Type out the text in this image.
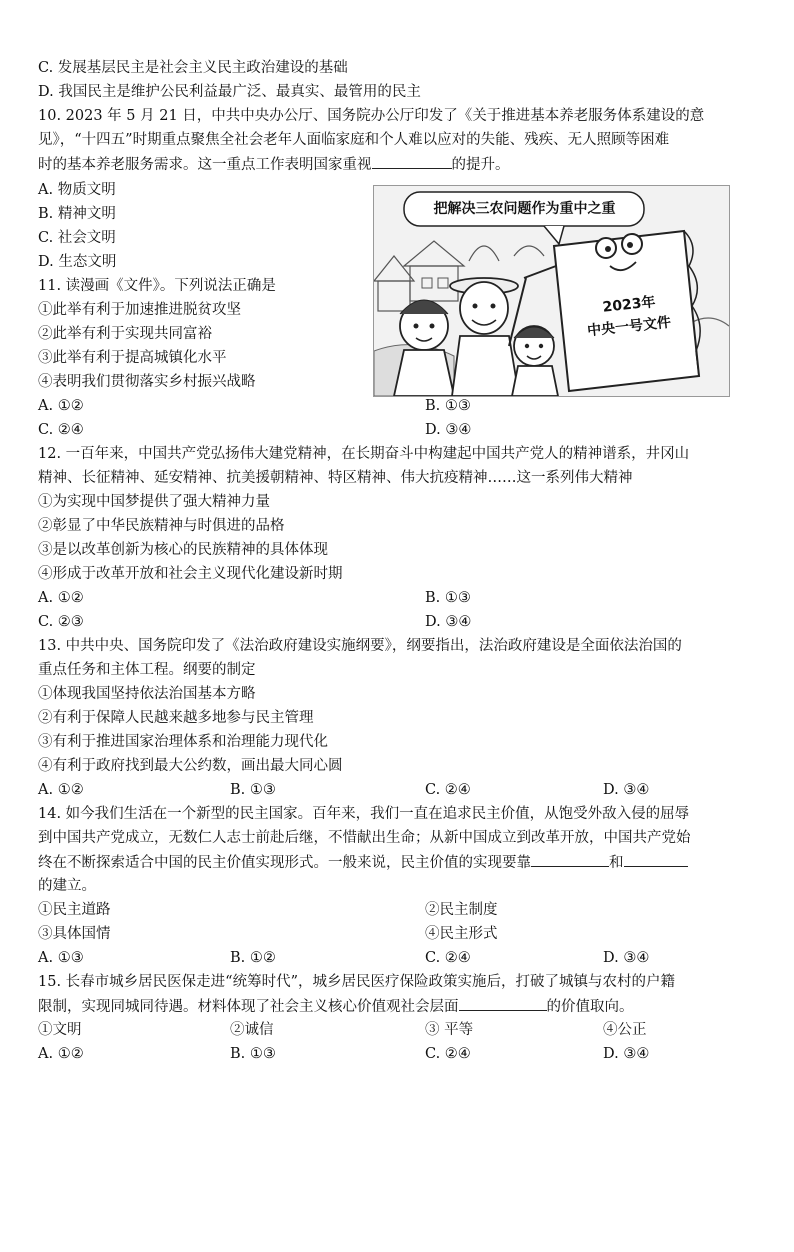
C. 发展基层民主是社会主义民主政治建设的基础
D. 我国民主是维护公民利益最广泛、最真实、最管用的民主
10. 2023 年 5 月 21 日，中共中央办公厅、国务院办公厅印发了《关于推进基本养老服务体系建设的意
见》，“十四五”时期重点聚焦全社会老年人面临家庭和个人难以应对的失能、残疾、无人照顾等困难
时的基本养老服务需求。这一重点工作表明国家重视	的提升。
A. 物质文明
B. 精神文明
C. 社会文明
D. 生态文明
把解决三农问题作为重中之重
2023年
中央一号文件
11. 读漫画《文件》。下列说法正确是
①此举有利于加速推进脱贫攻坚
②此举有利于实现共同富裕
③此举有利于提高城镇化水平
④表明我们贯彻落实乡村振兴战略
A. ①②	B. ①③
C. ②④	D. ③④
12. 一百年来，中国共产党弘扬伟大建党精神，在长期奋斗中构建起中国共产党人的精神谱系，井冈山
精神、长征精神、延安精神、抗美援朝精神、特区精神、伟大抗疫精神……这一系列伟大精神
①为实现中国梦提供了强大精神力量
②彰显了中华民族精神与时俱进的品格
③是以改革创新为核心的民族精神的具体体现
④形成于改革开放和社会主义现代化建设新时期
A. ①②	B. ①③
C. ②③	D. ③④
13. 中共中央、国务院印发了《法治政府建设实施纲要》，纲要指出，法治政府建设是全面依法治国的
重点任务和主体工程。纲要的制定
①体现我国坚持依法治国基本方略
②有利于保障人民越来越多地参与民主管理
③有利于推进国家治理体系和治理能力现代化
④有利于政府找到最大公约数，画出最大同心圆
A. ①②	B. ①③	C. ②④	D. ③④
14. 如今我们生活在一个新型的民主国家。百年来，我们一直在追求民主价值，从饱受外敌入侵的屈辱
到中国共产党成立，无数仁人志士前赴后继，不惜献出生命；从新中国成立到改革开放，中国共产党始
终在不断探索适合中国的民主价值实现形式。一般来说，民主价值的实现要靠	和
的建立。
①民主道路	②民主制度
③具体国情	④民主形式
A. ①③	B. ①②	C. ②④	D. ③④
15. 长春市城乡居民医保走进“统筹时代”，城乡居民医疗保险政策实施后，打破了城镇与农村的户籍
限制，实现同城同待遇。材料体现了社会主义核心价值观社会层面	的价值取向。
①文明	②诚信	③ 平等	④公正
A. ①②	B. ①③	C. ②④	D. ③④
